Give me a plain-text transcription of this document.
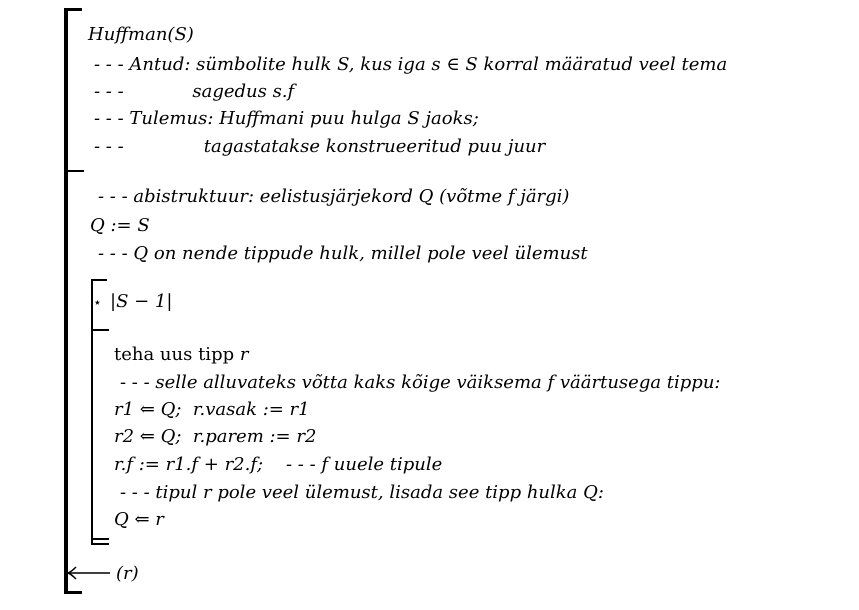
Huffman(S)
- - - Antud: sümbolite hulk S, kus iga s ∈ S korral määratud veel tema
- - -            sagedus s.f
- - - Tulemus: Huffmani puu hulga S jaoks;
- - -              tagastatakse konstrueeritud puu juur
- - - abistruktuur: eelistusjärjekord Q (võtme f järgi)
Q := S
- - - Q on nende tippude hulk, millel pole veel ülemust
⋆ |S − 1|
teha uus tipp r
- - - selle alluvateks võtta kaks kõige väiksema f väärtusega tippu:
r1 ⇐ Q;  r.vasak := r1
r2 ⇐ Q;  r.parem := r2
r.f := r1.f + r2.f;    - - - f uuele tipule
- - - tipul r pole veel ülemust, lisada see tipp hulka Q:
Q ⇐ r
(r)
